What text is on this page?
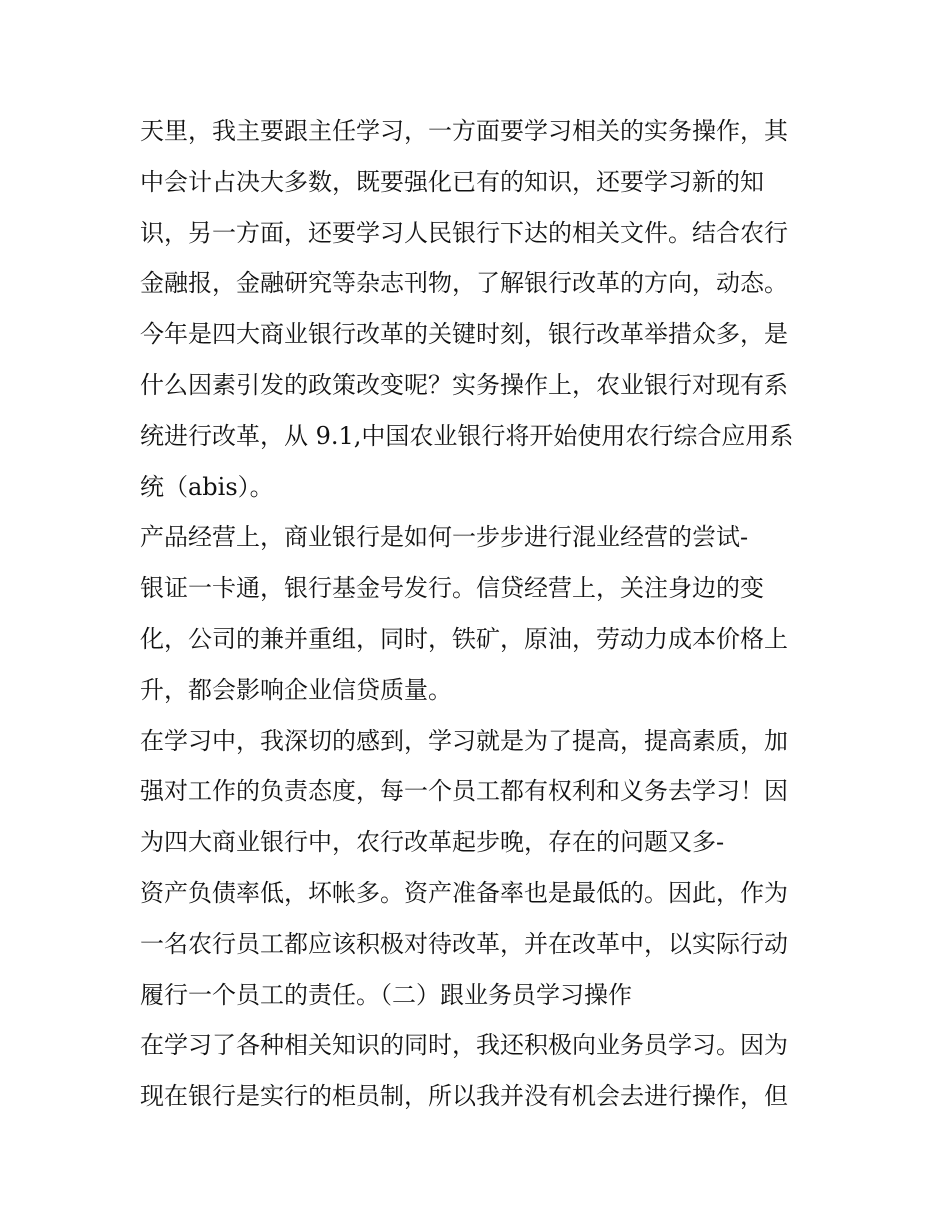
天里，我主要跟主任学习，一方面要学习相关的实务操作，其
中会计占决大多数，既要强化已有的知识，还要学习新的知
识，另一方面，还要学习人民银行下达的相关文件。结合农行
金融报，金融研究等杂志刊物，了解银行改革的方向，动态。
今年是四大商业银行改革的关键时刻，银行改革举措众多，是
什么因素引发的政策改变呢？实务操作上，农业银行对现有系
统进行改革，从 9.1,中国农业银行将开始使用农行综合应用系
统（abis）。
产品经营上，商业银行是如何一步步进行混业经营的尝试-
银证一卡通，银行基金号发行。信贷经营上，关注身边的变
化，公司的兼并重组，同时，铁矿，原油，劳动力成本价格上
升，都会影响企业信贷质量。
在学习中，我深切的感到，学习就是为了提高，提高素质，加
强对工作的负责态度，每一个员工都有权利和义务去学习！因
为四大商业银行中，农行改革起步晚，存在的问题又多-
资产负债率低，坏帐多。资产准备率也是最低的。因此，作为
一名农行员工都应该积极对待改革，并在改革中，以实际行动
履行一个员工的责任。（二）跟业务员学习操作
在学习了各种相关知识的同时，我还积极向业务员学习。因为
现在银行是实行的柜员制，所以我并没有机会去进行操作，但
